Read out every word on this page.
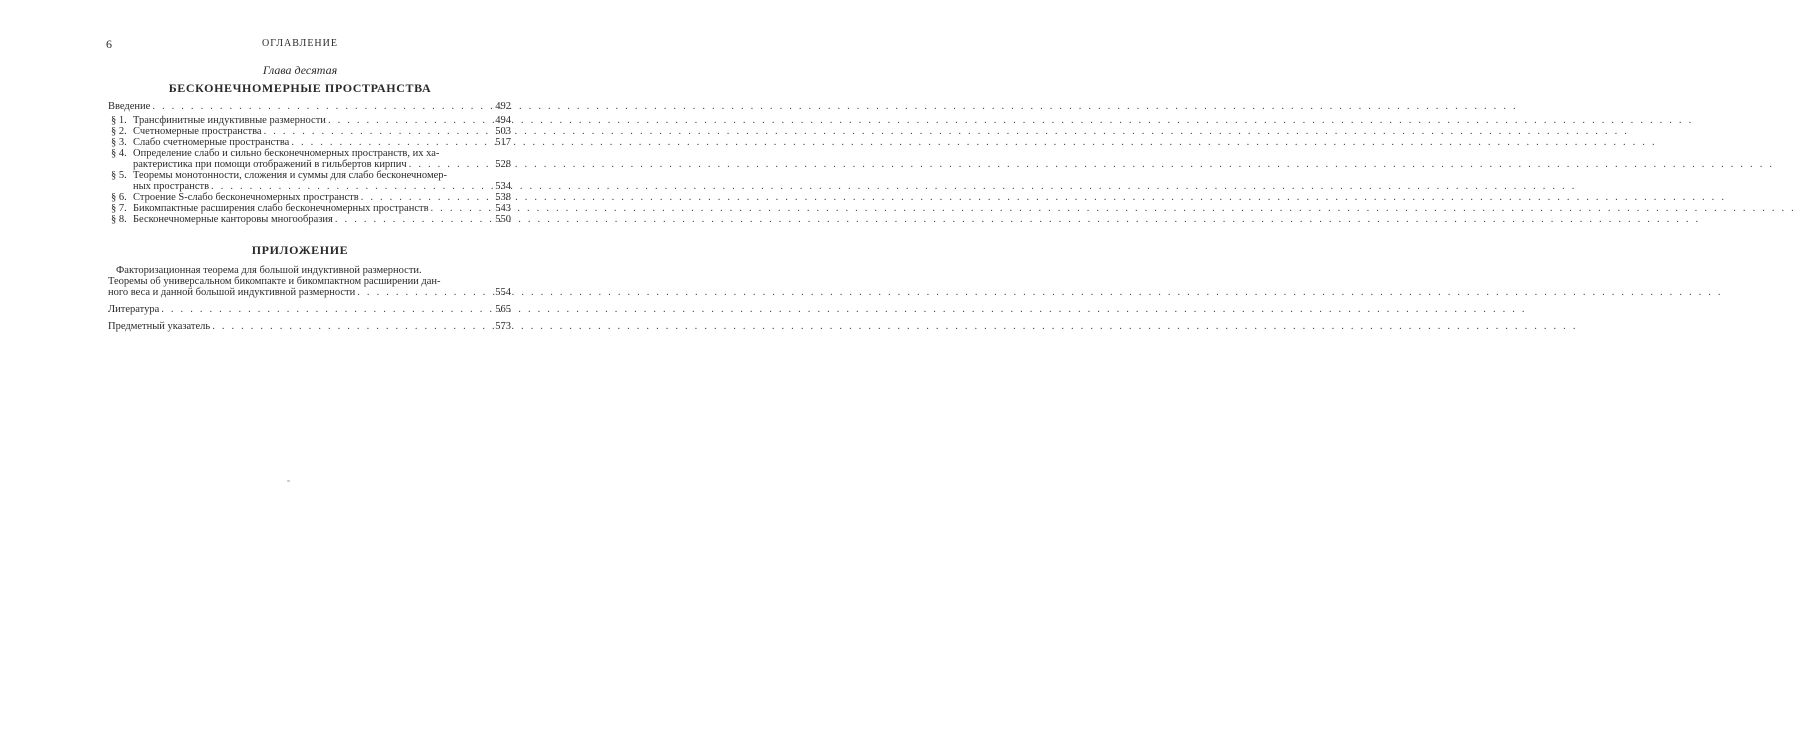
6	ОГЛАВЛЕНИЕ
Глава десятая
БЕСКОНЕЧНОМЕРНЫЕ ПРОСТРАНСТВА
Введение . . .	492
§ 1. Трансфинитные индуктивные размерности . . .	494
§ 2. Счетномерные пространства . . .	503
§ 3. Слабо счетномерные пространства . . .	517
§ 4. Определение слабо и сильно бесконечномерных пространств, их ха-
рактеристика при помощи отображений в гильбертов кирпич . . .	528
§ 5. Теоремы монотонности, сложения и суммы для слабо бесконечномер-
ных пространств . . .	534
§ 6. Строение S-слабо бесконечномерных пространств . . .	538
§ 7. Бикомпактные расширения слабо бесконечномерных пространств . . .	543
§ 8. Бесконечномерные канторовы многообразия . . .	550
ПРИЛОЖЕНИЕ
Факторизационная теорема для большой индуктивной размерности.
Теоремы об универсальном бикомпакте и бикомпактном расширении дан-
ного веса и данной большой индуктивной размерности . . .	554
Литература . . .	565
Предметный указатель . . .	573
